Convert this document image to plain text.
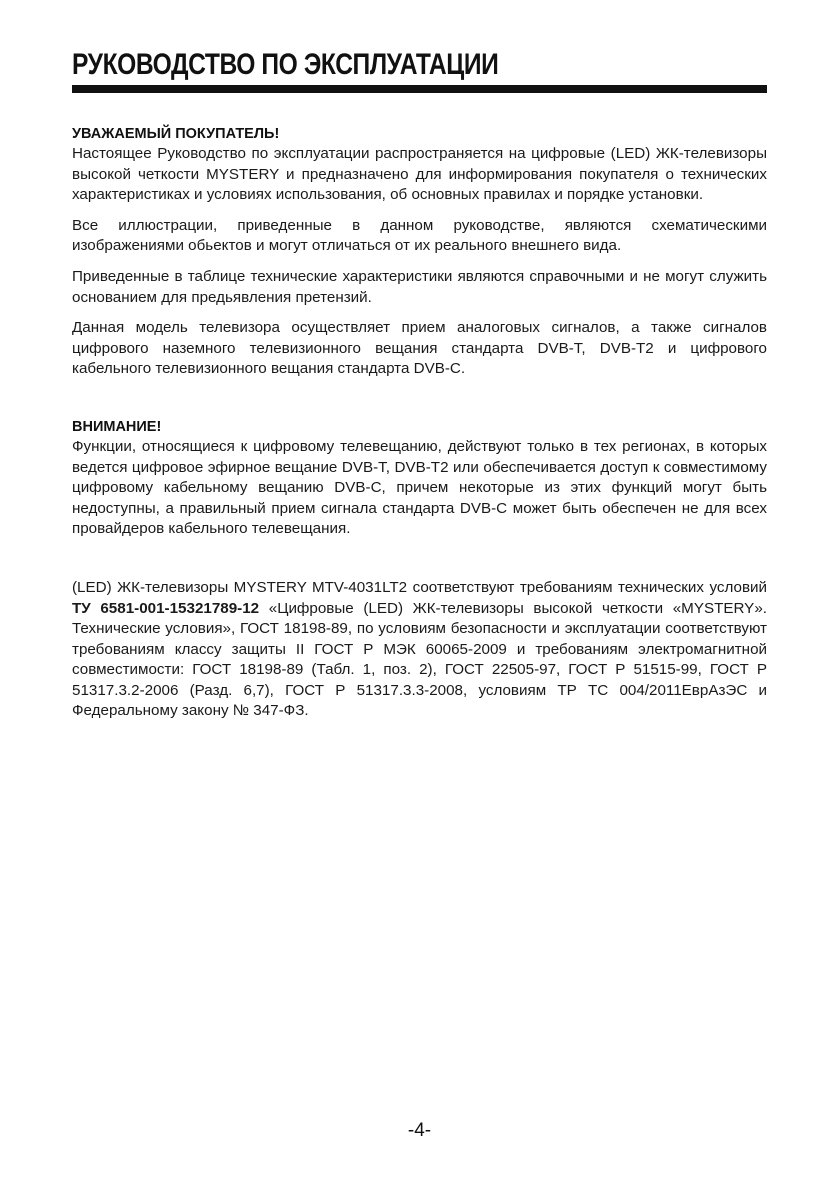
РУКОВОДСТВО ПО ЭКСПЛУАТАЦИИ
УВАЖАЕМЫЙ ПОКУПАТЕЛЬ!

Настоящее Руководство по эксплуатации распространяется на цифровые (LED) ЖК-телевизоры высокой четкости MYSTERY и предназначено для информирования покупателя о технических характеристиках и условиях использования, об основных правилах и порядке установки.

Все иллюстрации, приведенные в данном руководстве, являются схематическими изображениями обьектов и могут отличаться от их реального внешнего вида.

Приведенные в таблице технические характеристики являются справочными и не могут служить основанием для предьявления претензий.

Данная модель телевизора осуществляет прием аналоговых сигналов, а также сигналов цифрового наземного телевизионного вещания стандарта DVB-T, DVB-T2 и цифрового кабельного телевизионного вещания стандарта DVB-C.

ВНИМАНИЕ!

Функции, относящиеся к цифровому телевещанию, действуют только в тех регионах, в которых ведется цифровое эфирное вещание DVB-T, DVB-T2 или обеспечивается доступ к совместимому цифровому кабельному вещанию DVB-C, причем некоторые из этих функций могут быть недоступны, а правильный прием сигнала стандарта DVB-C может быть обеспечен не для всех провайдеров кабельного телевещания.

(LED) ЖК-телевизоры MYSTERY MTV-4031LT2 соответствуют требованиям технических условий ТУ 6581-001-15321789-12 «Цифровые (LED) ЖК-телевизоры высокой четкости «MYSTERY». Технические условия», ГОСТ 18198-89, по условиям безопасности и эксплуатации соответствуют требованиям классу защиты II ГОСТ Р МЭК 60065-2009 и требованиям электромагнитной совместимости: ГОСТ 18198-89 (Табл. 1, поз. 2), ГОСТ 22505-97, ГОСТ Р 51515-99, ГОСТ Р 51317.3.2-2006 (Разд. 6,7), ГОСТ Р 51317.3.3-2008, условиям ТР ТС 004/2011ЕврАзЭС и Федеральному закону № 347-ФЗ.

-4-
